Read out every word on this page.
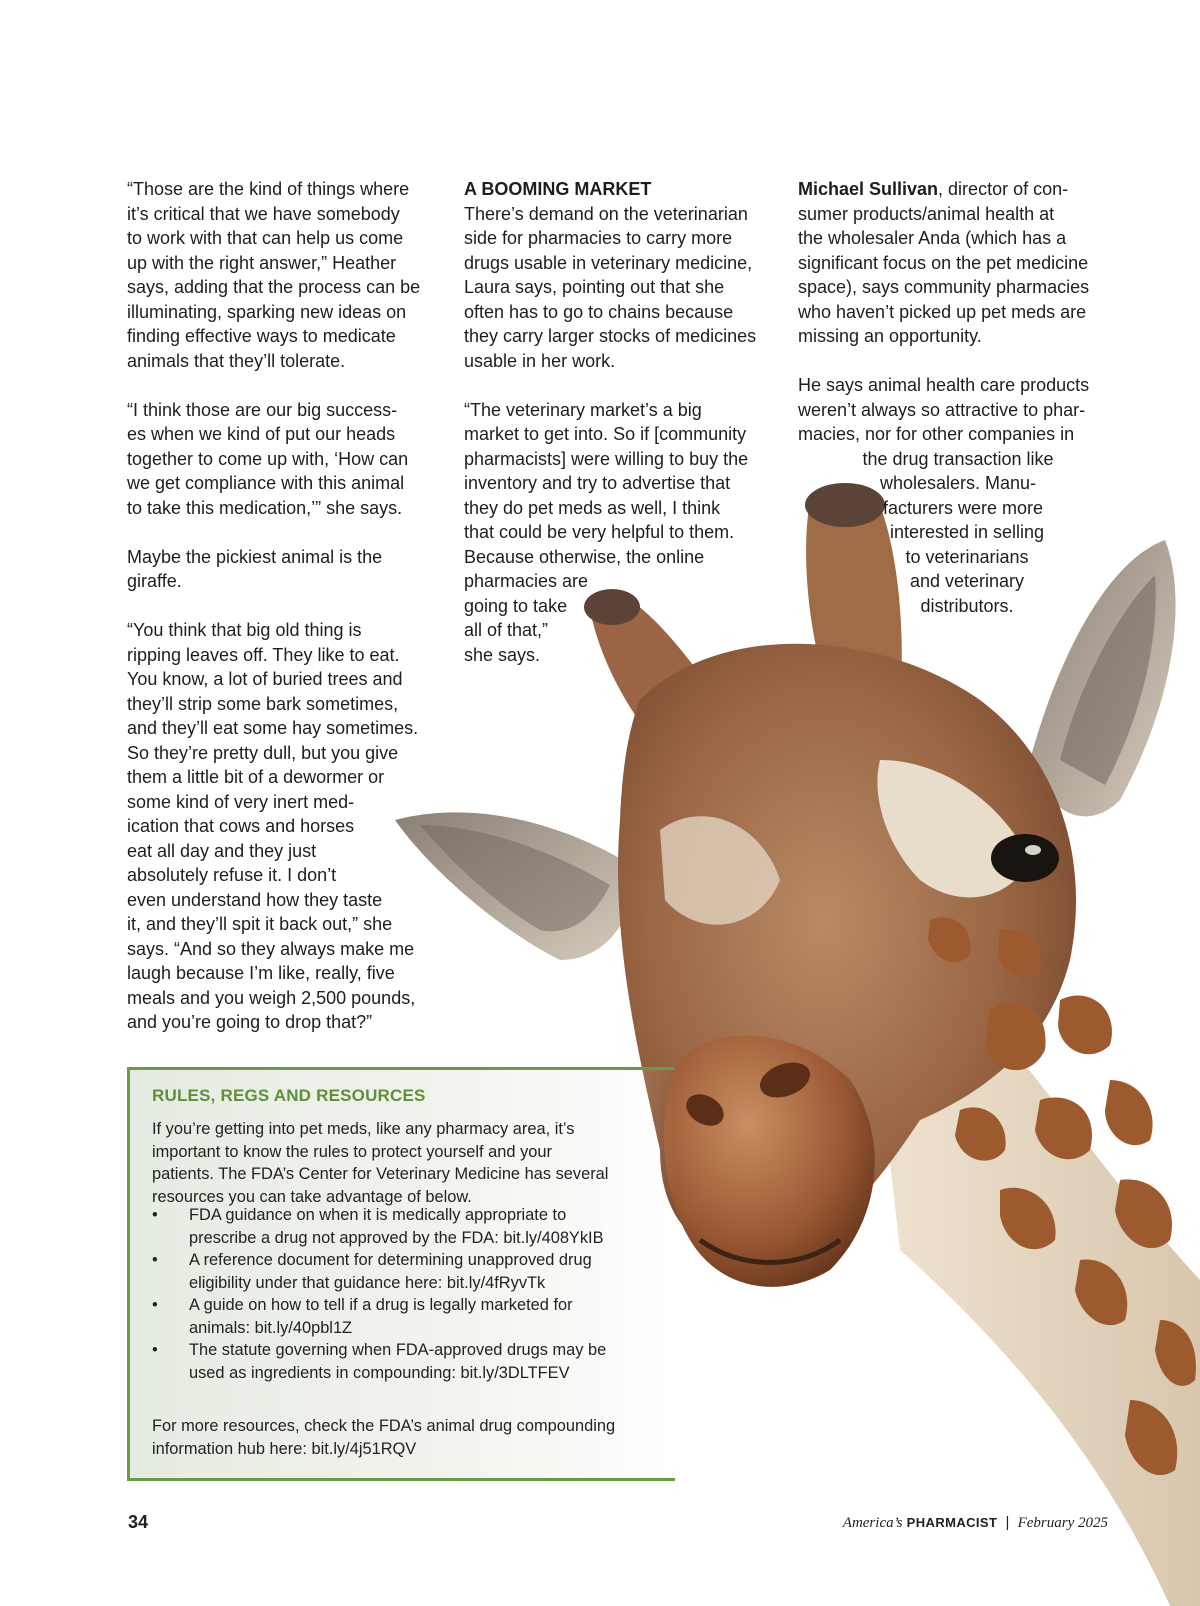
“Those are the kind of things where
it’s critical that we have somebody
to work with that can help us come
up with the right answer,” Heather
says, adding that the process can be
illuminating, sparking new ideas on
finding effective ways to medicate
animals that they’ll tolerate.
“I think those are our big success-
es when we kind of put our heads
together to come up with, ‘How can
we get compliance with this animal
to take this medication,’” she says.
Maybe the pickiest animal is the
giraffe.
“You think that big old thing is
ripping leaves off. They like to eat.
You know, a lot of buried trees and
they’ll strip some bark sometimes,
and they’ll eat some hay sometimes.
So they’re pretty dull, but you give
them a little bit of a dewormer or
some kind of very inert med-
ication that cows and horses
eat all day and they just
absolutely refuse it. I don’t
even understand how they taste
it, and they’ll spit it back out,” she
says. “And so they always make me
laugh because I’m like, really, five
meals and you weigh 2,500 pounds,
and you’re going to drop that?”
A BOOMING MARKET
There’s demand on the veterinarian
side for pharmacies to carry more
drugs usable in veterinary medicine,
Laura says, pointing out that she
often has to go to chains because
they carry larger stocks of medicines
usable in her work.
“The veterinary market’s a big
market to get into. So if [community
pharmacists] were willing to buy the
inventory and try to advertise that
they do pet meds as well, I think
that could be very helpful to them.
Because otherwise, the online
pharmacies are
going to take
all of that,”
she says.
Michael Sullivan, director of con-
sumer products/animal health at
the wholesaler Anda (which has a
significant focus on the pet medicine
space), says community pharmacies
who haven’t picked up pet meds are
missing an opportunity.
He says animal health care products
weren’t always so attractive to phar-
macies, nor for other companies in
the drug transaction like
wholesalers. Manu-
facturers were more
interested in selling
to veterinarians
and veterinary
distributors.
RULES, REGS AND RESOURCES
If you’re getting into pet meds, like any pharmacy area, it’s
important to know the rules to protect yourself and your
patients. The FDA’s Center for Veterinary Medicine has several
resources you can take advantage of below.
• FDA guidance on when it is medically appropriate to
prescribe a drug not approved by the FDA: bit.ly/408YkIB
• A reference document for determining unapproved drug
eligibility under that guidance here: bit.ly/4fRyvTk
• A guide on how to tell if a drug is legally marketed for
animals: bit.ly/40pbl1Z
• The statute governing when FDA-approved drugs may be
used as ingredients in compounding: bit.ly/3DLTFEV
For more resources, check the FDA’s animal drug compounding
information hub here: bit.ly/4j51RQV
34	America’s PHARMACIST | February 2025
